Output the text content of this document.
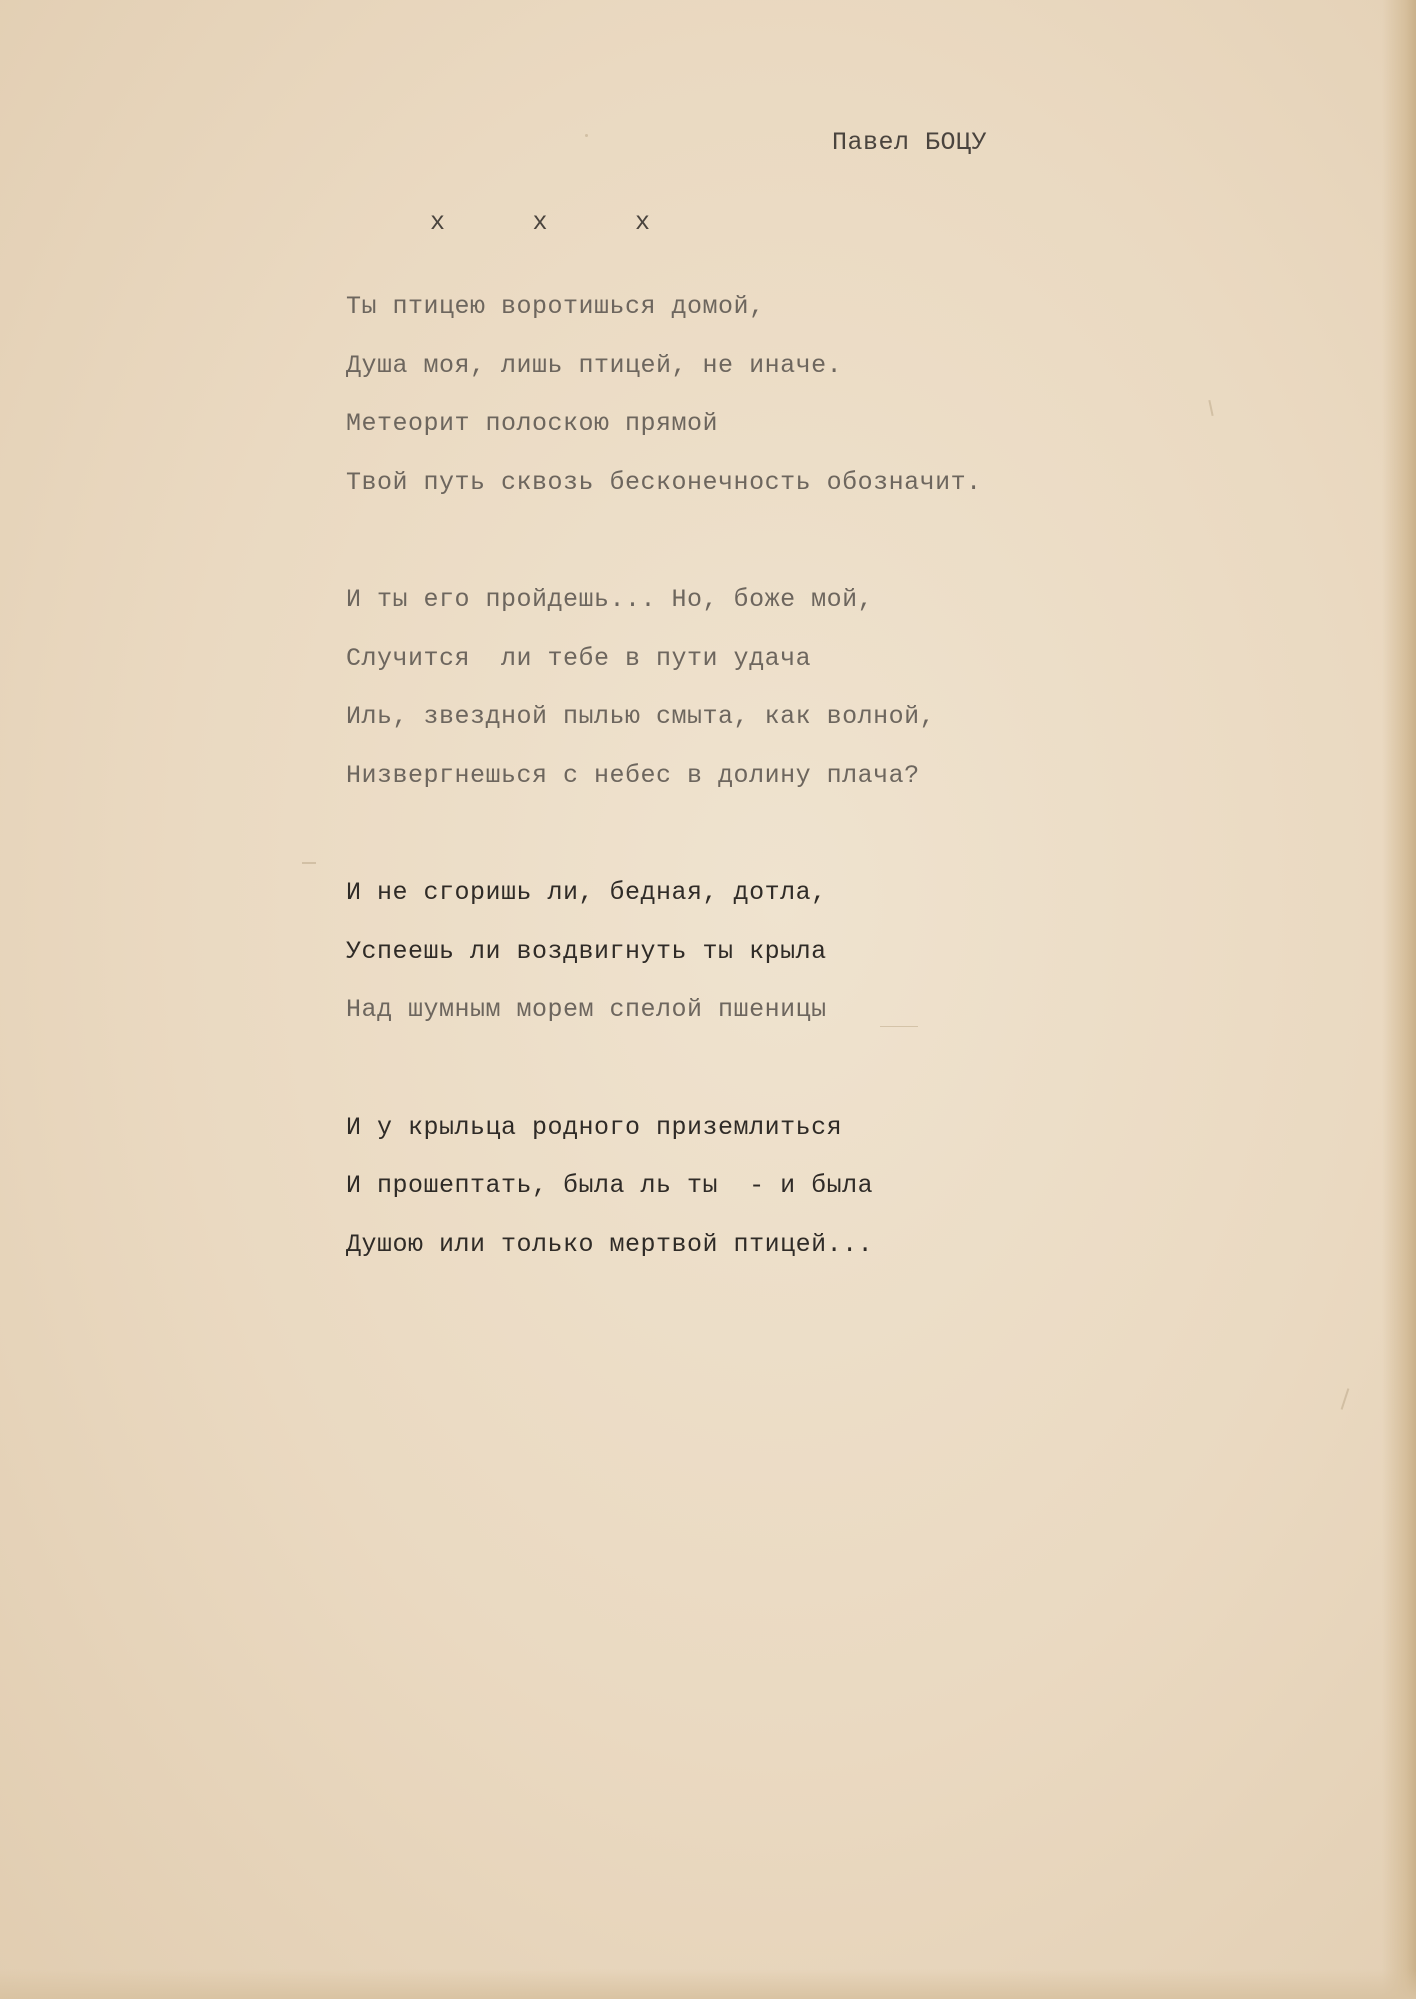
Павел БОЦУ
х  х  х
Ты птицею воротишься домой,
Душа моя, лишь птицей, не иначе.
Метеорит полоскою прямой
Твой путь сквозь бесконечность обозначит.
И ты его пройдешь... Но, боже мой,
Случится  ли тебе в пути удача
Иль, звездной пылью смыта, как волной,
Низвергнешься с небес в долину плача?
И не сгоришь ли, бедная, дотла,
Успеешь ли воздвигнуть ты крыла
Над шумным морем спелой пшеницы
И у крыльца родного приземлиться
И прошептать, была ль ты  - и была
Душою или только мертвой птицей...
